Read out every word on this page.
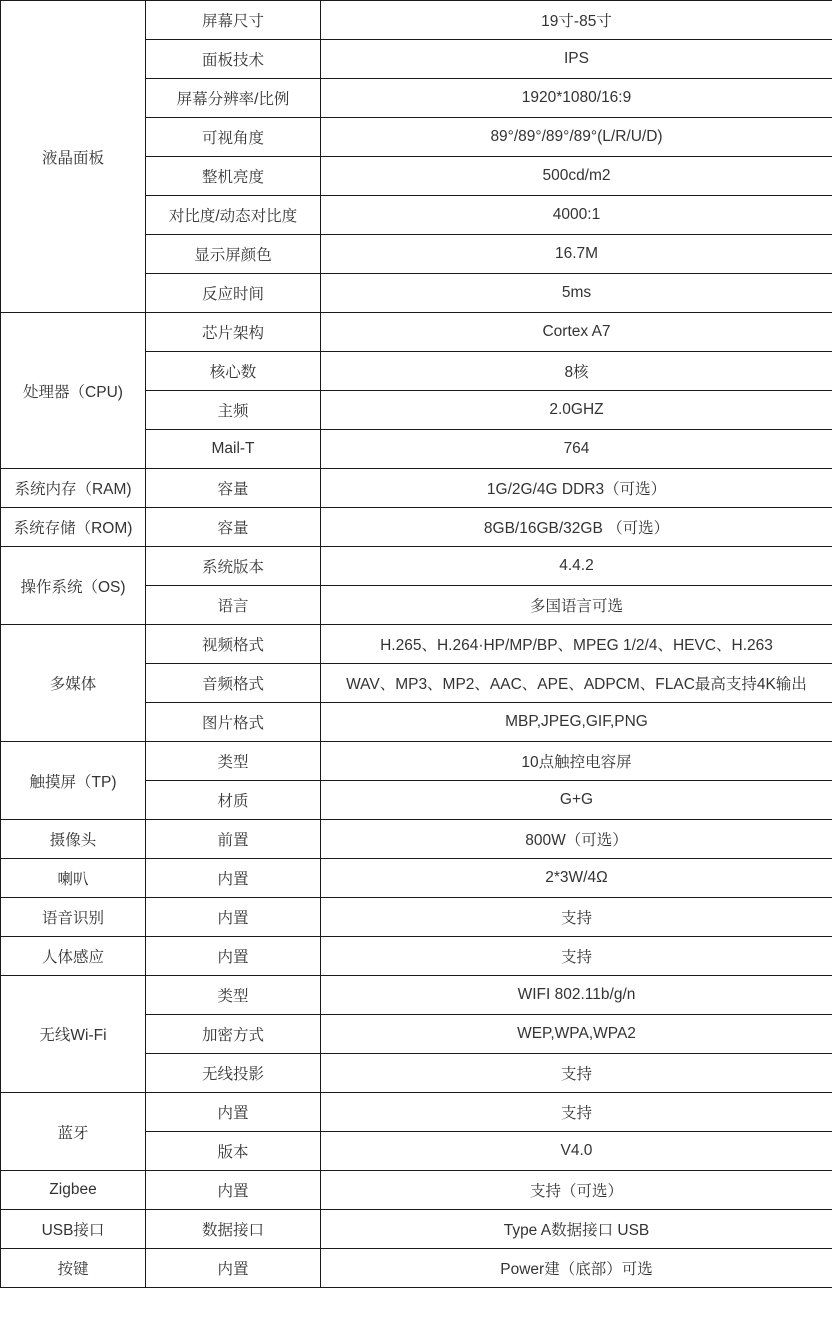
液晶面板	屏幕尺寸	19寸-85寸
	面板技术	IPS
	屏幕分辨率/比例	1920*1080/16:9
	可视角度	89°/89°/89°/89°(L/R/U/D)
	整机亮度	500cd/m2
	对比度/动态对比度	4000:1
	显示屏颜色	16.7M
	反应时间	5ms
处理器（CPU)	芯片架构	Cortex A7
	核心数	8核
	主频	2.0GHZ
	Mail-T	764
系统内存（RAM)	容量	1G/2G/4G DDR3（可选）
系统存储（ROM)	容量	8GB/16GB/32GB （可选）
操作系统（OS)	系统版本	4.4.2
	语言	多国语言可选
多媒体	视频格式	H.265、H.264·HP/MP/BP、MPEG 1/2/4、HEVC、H.263
	音频格式	WAV、MP3、MP2、AAC、APE、ADPCM、FLAC最高支持4K输出
	图片格式	MBP,JPEG,GIF,PNG
触摸屏（TP)	类型	10点触控电容屏
	材质	G+G
摄像头	前置	800W（可选）
喇叭	内置	2*3W/4Ω
语音识别	内置	支持
人体感应	内置	支持
无线Wi-Fi	类型	WIFI 802.11b/g/n
	加密方式	WEP,WPA,WPA2
	无线投影	支持
蓝牙	内置	支持
	版本	V4.0
Zigbee	内置	支持（可选）
USB接口	数据接口	Type A数据接口 USB
按键	内置	Power建（底部）可选
